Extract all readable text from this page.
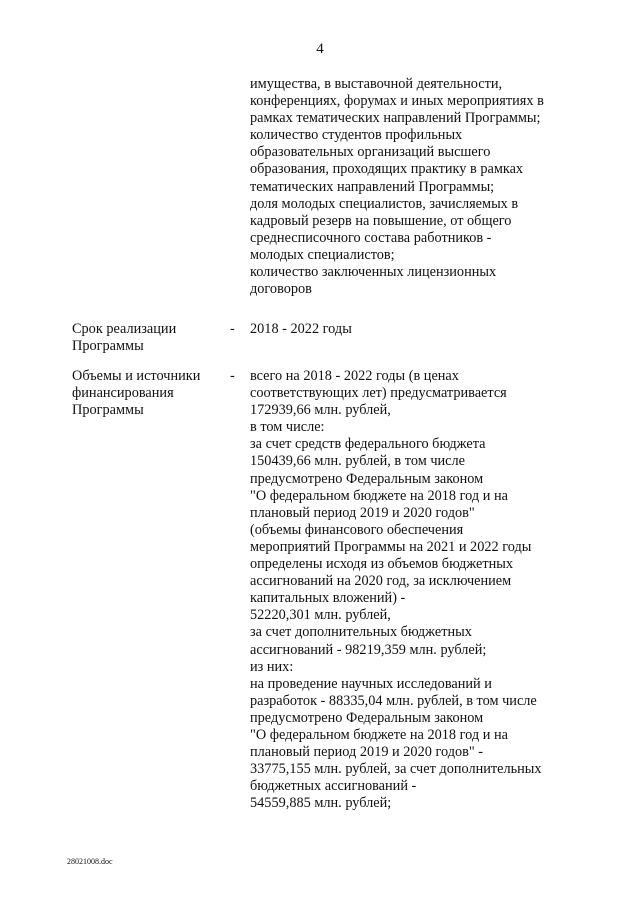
4
имущества, в выставочной деятельности,
конференциях, форумах и иных мероприятиях в
рамках тематических направлений Программы;
количество студентов профильных
образовательных организаций высшего
образования, проходящих практику в рамках
тематических направлений Программы;
доля молодых специалистов, зачисляемых в
кадровый резерв на повышение, от общего
среднесписочного состава работников -
молодых специалистов;
количество заключенных лицензионных
договоров
Срок реализации
Программы
- 2018 - 2022 годы
Объемы и источники
финансирования
Программы
- всего на 2018 - 2022 годы (в ценах
соответствующих лет) предусматривается
172939,66 млн. рублей,
в том числе:
за счет средств федерального бюджета
150439,66 млн. рублей, в том числе
предусмотрено Федеральным законом
"О федеральном бюджете на 2018 год и на
плановый период 2019 и 2020 годов"
(объемы финансового обеспечения
мероприятий Программы на 2021 и 2022 годы
определены исходя из объемов бюджетных
ассигнований на 2020 год, за исключением
капитальных вложений) -
52220,301 млн. рублей,
за счет дополнительных бюджетных
ассигнований - 98219,359 млн. рублей;
из них:
на проведение научных исследований и
разработок - 88335,04 млн. рублей, в том числе
предусмотрено Федеральным законом
"О федеральном бюджете на 2018 год и на
плановый период 2019 и 2020 годов" -
33775,155 млн. рублей, за счет дополнительных
бюджетных ассигнований -
54559,885 млн. рублей;
28021008.doc
